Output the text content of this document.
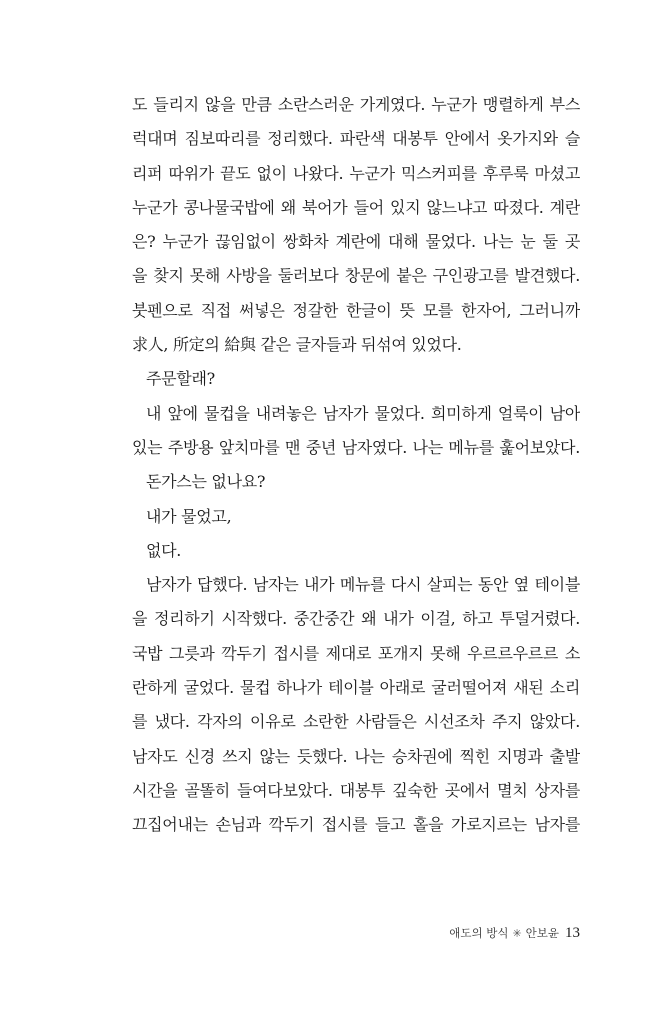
도 들리지 않을 만큼 소란스러운 가게였다. 누군가 맹렬하게 부스
럭대며 짐보따리를 정리했다. 파란색 대봉투 안에서 옷가지와 슬
리퍼 따위가 끝도 없이 나왔다. 누군가 믹스커피를 후루룩 마셨고
누군가 콩나물국밥에 왜 북어가 들어 있지 않느냐고 따졌다. 계란
은? 누군가 끊임없이 쌍화차 계란에 대해 물었다. 나는 눈 둘 곳
을 찾지 못해 사방을 둘러보다 창문에 붙은 구인광고를 발견했다.
붓펜으로 직접 써넣은 정갈한 한글이 뜻 모를 한자어, 그러니까
求人, 所定의 給與 같은 글자들과 뒤섞여 있었다.
주문할래?
내 앞에 물컵을 내려놓은 남자가 물었다. 희미하게 얼룩이 남아
있는 주방용 앞치마를 맨 중년 남자였다. 나는 메뉴를 훑어보았다.
돈가스는 없나요?
내가 물었고,
없다.
남자가 답했다. 남자는 내가 메뉴를 다시 살피는 동안 옆 테이블
을 정리하기 시작했다. 중간중간 왜 내가 이걸, 하고 투덜거렸다.
국밥 그릇과 깍두기 접시를 제대로 포개지 못해 우르르우르르 소
란하게 굴었다. 물컵 하나가 테이블 아래로 굴러떨어져 새된 소리
를 냈다. 각자의 이유로 소란한 사람들은 시선조차 주지 않았다.
남자도 신경 쓰지 않는 듯했다. 나는 승차권에 찍힌 지명과 출발
시간을 골똘히 들여다보았다. 대봉투 깊숙한 곳에서 멸치 상자를
끄집어내는 손님과 깍두기 접시를 들고 홀을 가로지르는 남자를
애도의 방식 ✳ 안보윤 13
